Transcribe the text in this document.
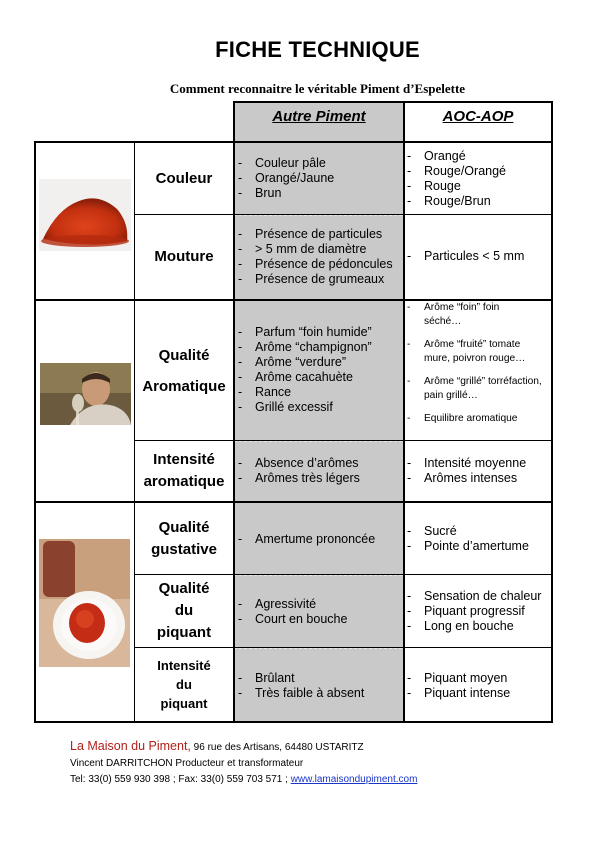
FICHE TECHNIQUE
Comment reconnaitre le véritable Piment d’Espelette
Autre Piment	AOC-AOP
Couleur
Mouture
Qualité
Aromatique
Intensité
aromatique
Qualité
gustative
Qualité
du
piquant
Intensité
du
piquant
- Couleur pâle
- Orangé/Jaune
- Brun
- Présence de particules
- > 5 mm de diamètre
- Présence de pédoncules
- Présence de grumeaux
- Parfum “foin humide”
- Arôme “champignon”
- Arôme “verdure”
- Arôme cacahuète
- Rance
- Grillé excessif
- Absence d’arômes
- Arômes très légers
- Amertume prononcée
- Agressivité
- Court en bouche
- Brûlant
- Très faible à absent
- Orangé
- Rouge/Orangé
- Rouge
- Rouge/Brun
- Particules < 5 mm
- Arôme “foin” foin séché…
- Arôme “fruité” tomate mure, poivron rouge…
- Arôme “grillé” torréfaction, pain grillé…
- Equilibre aromatique
- Intensité moyenne
- Arômes intenses
- Sucré
- Pointe d’amertume
- Sensation de chaleur
- Piquant progressif
- Long en bouche
- Piquant moyen
- Piquant intense
La Maison du Piment, 96 rue des Artisans, 64480 USTARITZ
Vincent DARRITCHON Producteur et transformateur
Tel: 33(0) 559 930 398 ; Fax: 33(0) 559 703 571 ; www.lamaisondupiment.com
